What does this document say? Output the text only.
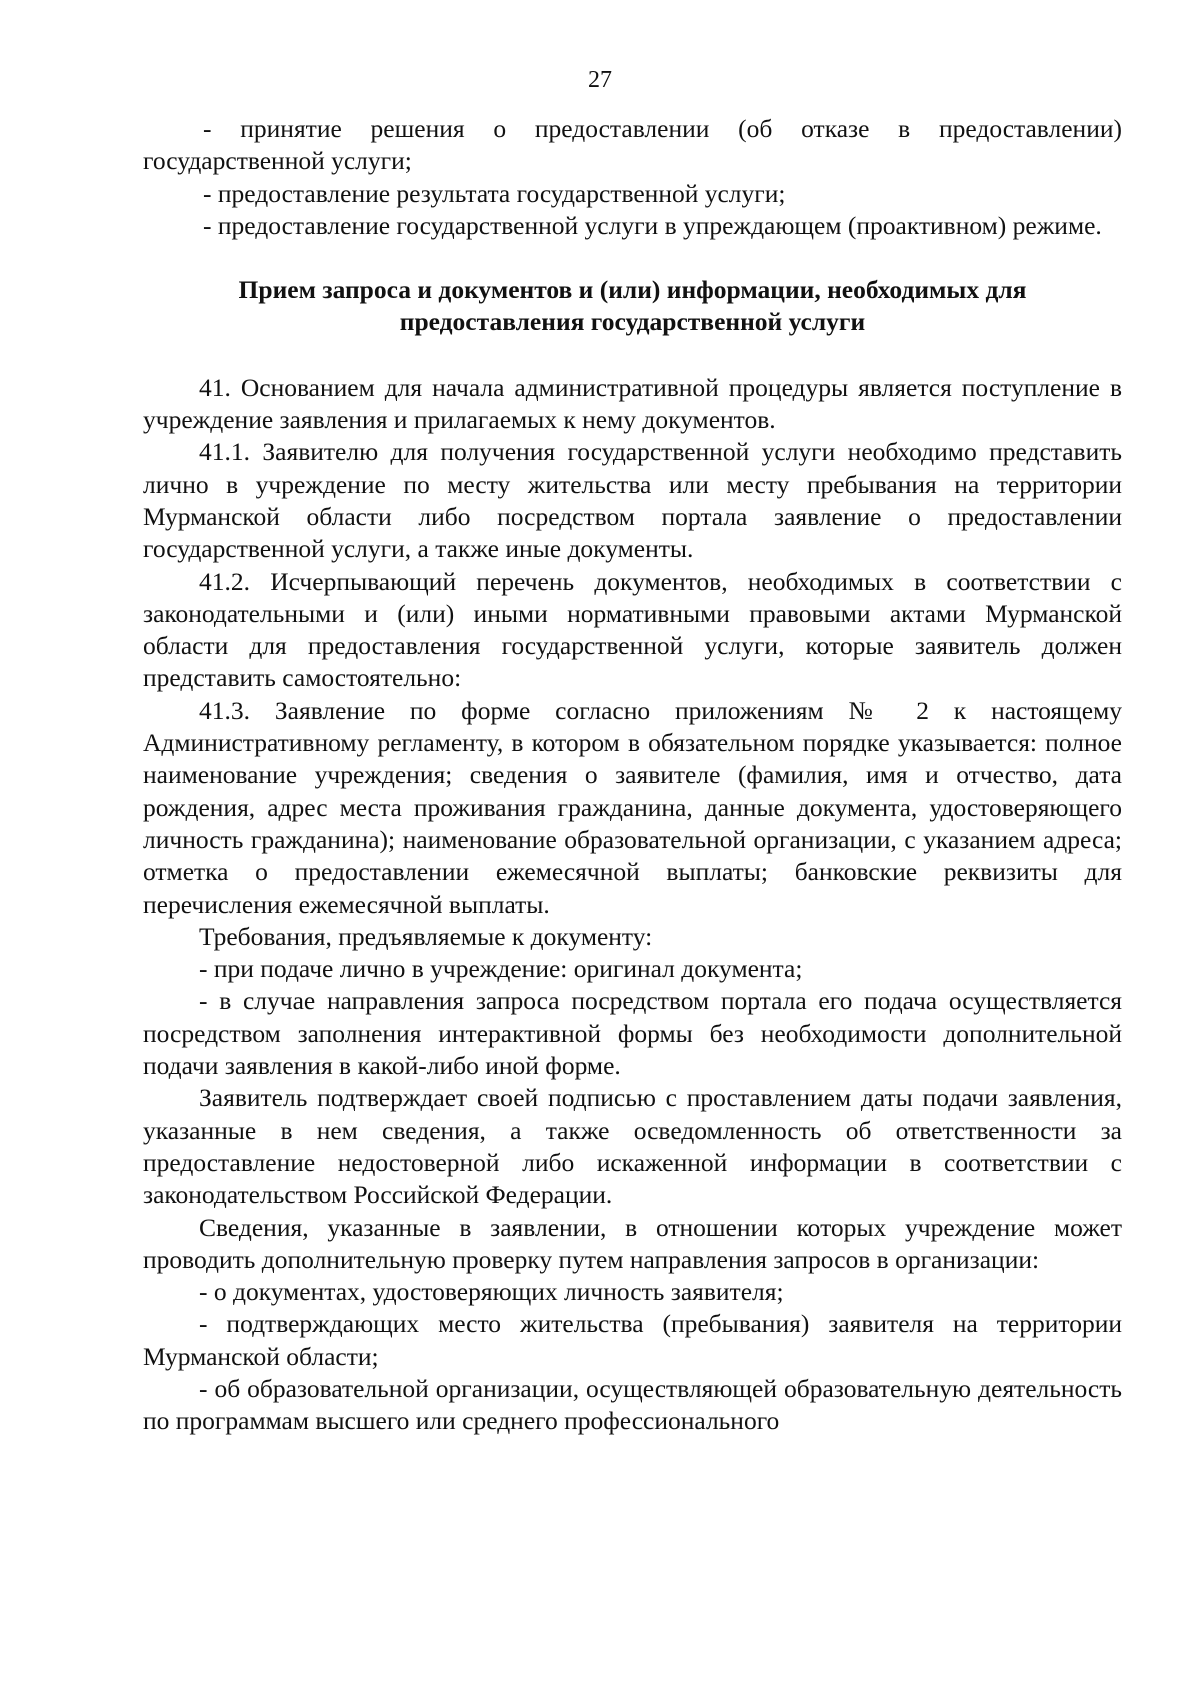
27

- принятие решения о предоставлении (об отказе в предоставлении) государственной услуги;

- предоставление результата государственной услуги;

- предоставление государственной услуги в упреждающем (проактивном) режиме.

Прием запроса и документов и (или) информации, необходимых для предоставления государственной услуги

41. Основанием для начала административной процедуры является поступление в учреждение заявления и прилагаемых к нему документов.

41.1. Заявителю для получения государственной услуги необходимо представить лично в учреждение по месту жительства или месту пребывания на территории Мурманской области либо посредством портала заявление о предоставлении государственной услуги, а также иные документы.

41.2. Исчерпывающий перечень документов, необходимых в соответствии с законодательными и (или) иными нормативными правовыми актами Мурманской области для предоставления государственной услуги, которые заявитель должен представить самостоятельно:

41.3. Заявление по форме согласно приложениям № 2 к настоящему Административному регламенту, в котором в обязательном порядке указывается: полное наименование учреждения; сведения о заявителе (фамилия, имя и отчество, дата рождения, адрес места проживания гражданина, данные документа, удостоверяющего личность гражданина); наименование образовательной организации, с указанием адреса; отметка о предоставлении ежемесячной выплаты; банковские реквизиты для перечисления ежемесячной выплаты.

Требования, предъявляемые к документу:

- при подаче лично в учреждение: оригинал документа;

- в случае направления запроса посредством портала его подача осуществляется посредством заполнения интерактивной формы без необходимости дополнительной подачи заявления в какой-либо иной форме.

Заявитель подтверждает своей подписью с проставлением даты подачи заявления, указанные в нем сведения, а также осведомленность об ответственности за предоставление недостоверной либо искаженной информации в соответствии с законодательством Российской Федерации.

Сведения, указанные в заявлении, в отношении которых учреждение может проводить дополнительную проверку путем направления запросов в организации:

- о документах, удостоверяющих личность заявителя;

- подтверждающих место жительства (пребывания) заявителя на территории Мурманской области;

- об образовательной организации, осуществляющей образовательную деятельность по программам высшего или среднего профессионального
